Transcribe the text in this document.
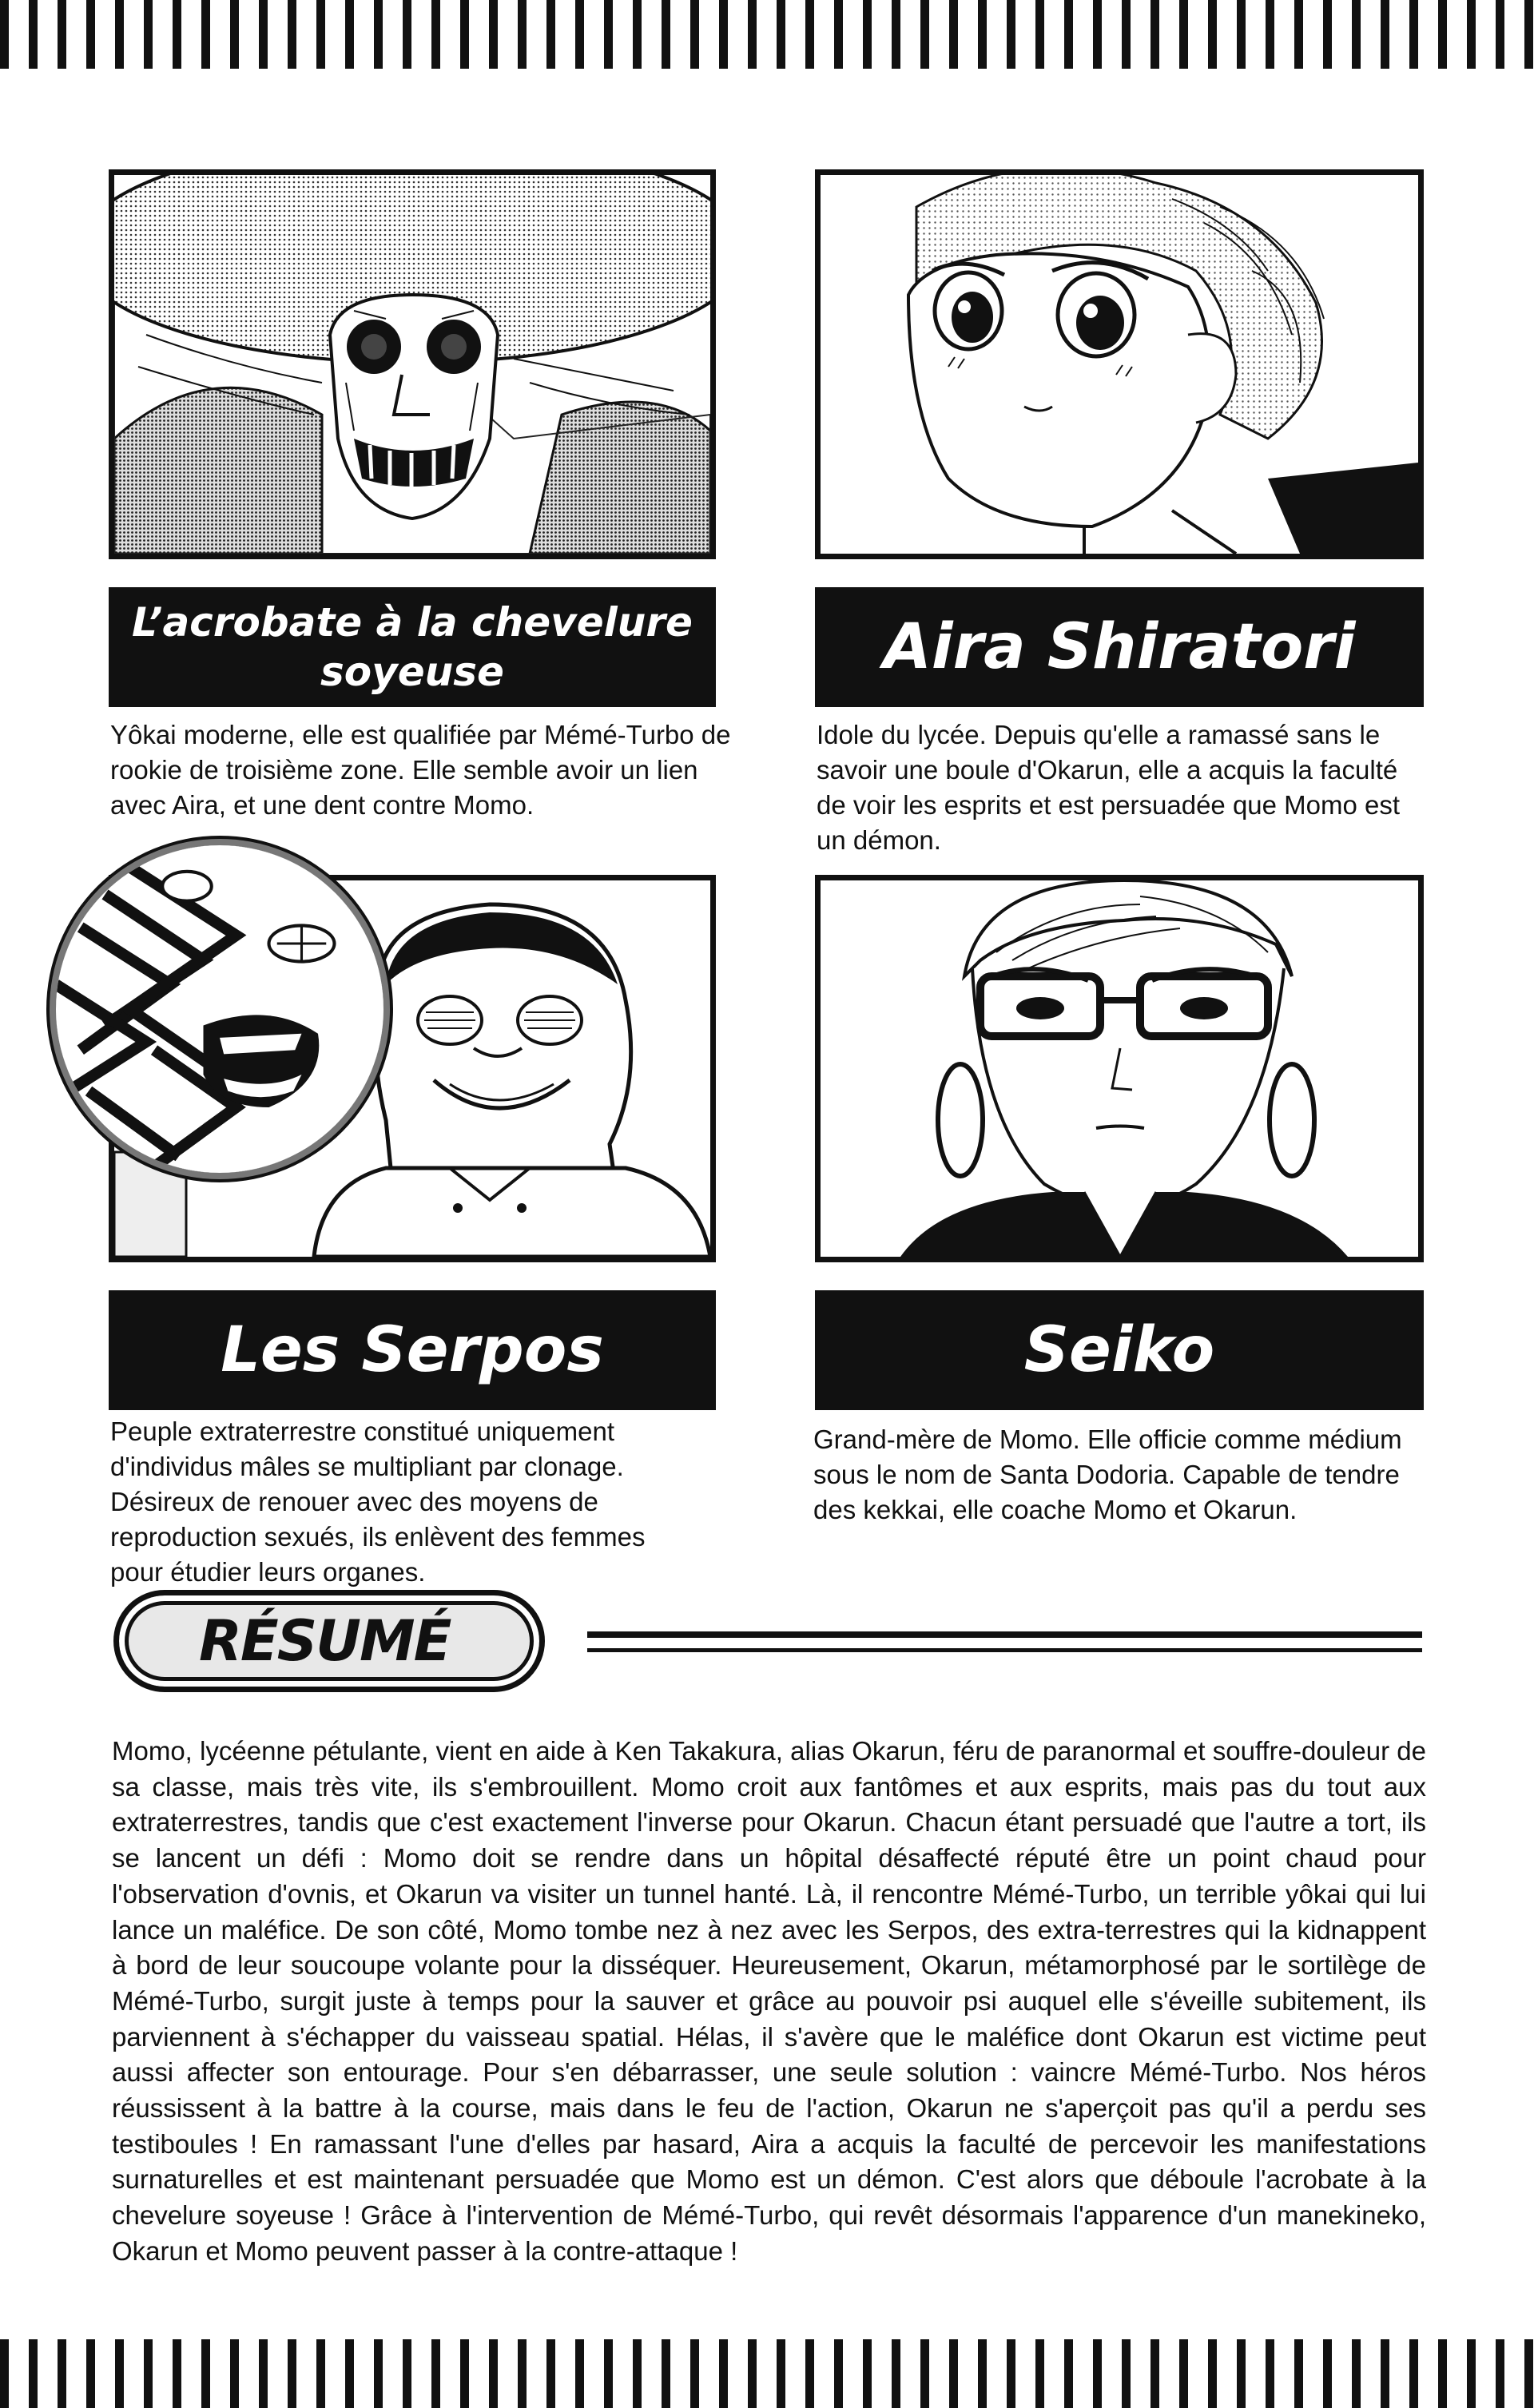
L’acrobate à la chevelure soyeuse	Aira Shiratori
Yôkai moderne, elle est qualifiée par Mémé-Turbo de rookie de troisième zone. Elle semble avoir un lien avec Aira, et une dent contre Momo.
Idole du lycée. Depuis qu'elle a ramassé sans le savoir une boule d'Okarun, elle a acquis la faculté de voir les esprits et est persuadée que Momo est un démon.
Les Serpos	Seiko
Peuple extraterrestre constitué uniquement d'individus mâles se multipliant par clonage. Désireux de renouer avec des moyens de reproduction sexués, ils enlèvent des femmes pour étudier leurs organes.
Grand-mère de Momo. Elle officie comme médium sous le nom de Santa Dodoria. Capable de tendre des kekkai, elle coache Momo et Okarun.
RÉSUMÉ
Momo, lycéenne pétulante, vient en aide à Ken Takakura, alias Okarun, féru de paranormal et souffre-douleur de sa classe, mais très vite, ils s'embrouillent. Momo croit aux fantômes et aux esprits, mais pas du tout aux extraterrestres, tandis que c'est exactement l'inverse pour Okarun. Chacun étant persuadé que l'autre a tort, ils se lancent un défi : Momo doit se rendre dans un hôpital désaffecté réputé être un point chaud pour l'observation d'ovnis, et Okarun va visiter un tunnel hanté. Là, il rencontre Mémé-Turbo, un terrible yôkai qui lui lance un maléfice. De son côté, Momo tombe nez à nez avec les Serpos, des extra-terrestres qui la kidnappent à bord de leur soucoupe volante pour la disséquer. Heureusement, Okarun, métamorphosé par le sortilège de Mémé-Turbo, surgit juste à temps pour la sauver et grâce au pouvoir psi auquel elle s'éveille subitement, ils parviennent à s'échapper du vaisseau spatial. Hélas, il s'avère que le maléfice dont Okarun est victime peut aussi affecter son entourage. Pour s'en débarrasser, une seule solution : vaincre Mémé-Turbo. Nos héros réussissent à la battre à la course, mais dans le feu de l'action, Okarun ne s'aperçoit pas qu'il a perdu ses testiboules ! En ramassant l'une d'elles par hasard, Aira a acquis la faculté de percevoir les manifestations surnaturelles et est maintenant persuadée que Momo est un démon. C'est alors que déboule l'acrobate à la chevelure soyeuse ! Grâce à l'intervention de Mémé-Turbo, qui revêt désormais l'apparence d'un manekineko, Okarun et Momo peuvent passer à la contre-attaque !
